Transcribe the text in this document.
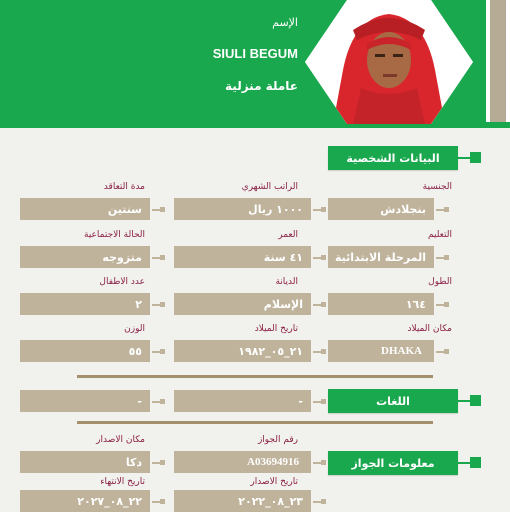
الإسم
SIULI BEGUM
عاملة منزلية
البيانات الشخصية
الجنسية
الراتب الشهري
مدة التعاقد
بنجلادش
١٠٠٠ ريال
سنتين
التعليم
العمر
الحالة الاجتماعية
المرحلة الابتدائية
٤١ سنة
متزوجه
الطول
الديانة
عدد الاطفال
١٦٤
الإسلام
٢
مكان الميلاد
تاريخ الميلاد
الوزن
DHAKA
٢١_٠٥_١٩٨٢
٥٥
اللغات
-
-
رقم الجواز
مكان الاصدار
معلومات الجواز
A03694916
دكا
تاريخ الاصدار
تاريخ الانتهاء
٢٣_٠٨_٢٠٢٢
٢٢_٠٨_٢٠٢٧
